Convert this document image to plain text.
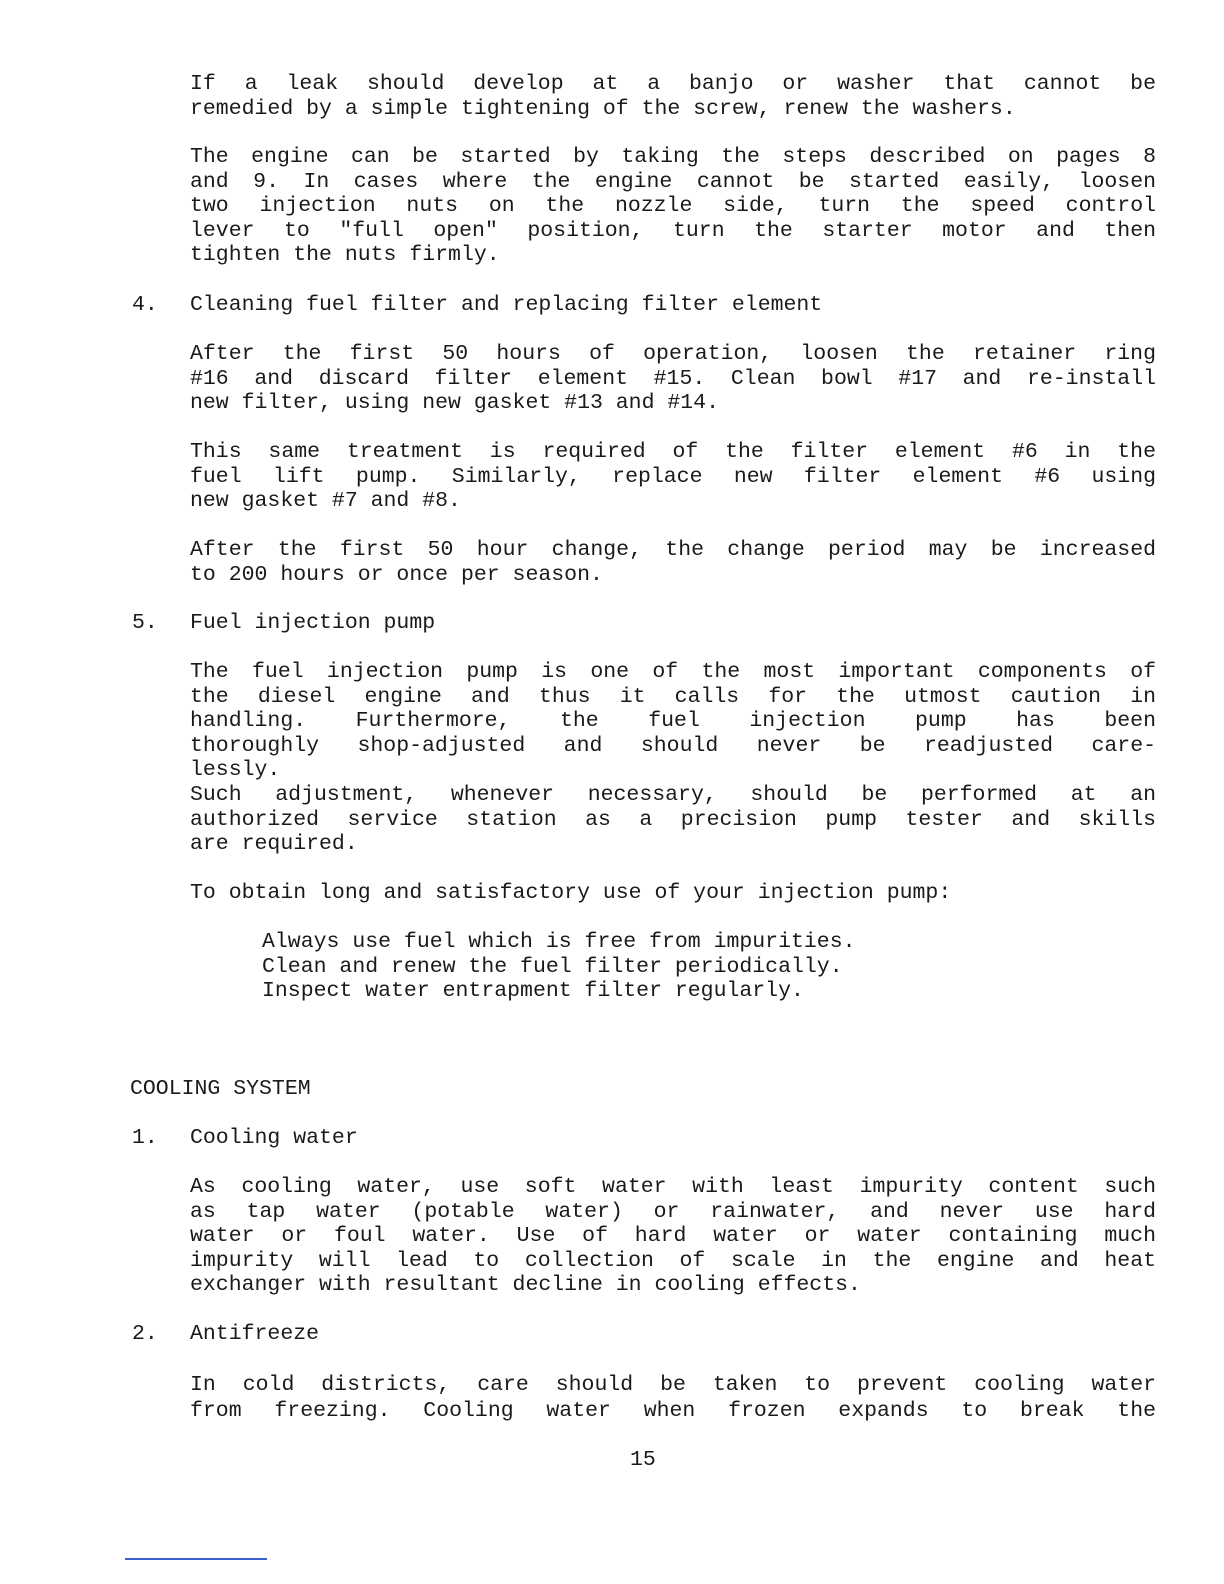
If a leak should develop at a banjo or washer that cannot be
remedied by a simple tightening of the screw, renew the washers.
The engine can be started by taking the steps described on pages 8
and 9. In cases where the engine cannot be started easily, loosen
two injection nuts on the nozzle side, turn the speed control
lever to "full open" position, turn the starter motor and then
tighten the nuts firmly.
4. Cleaning fuel filter and replacing filter element
After the first 50 hours of operation, loosen the retainer ring
#16 and discard filter element #15. Clean bowl #17 and re-install
new filter, using new gasket #13 and #14.
This same treatment is required of the filter element #6 in the
fuel lift pump. Similarly, replace new filter element #6 using
new gasket #7 and #8.
After the first 50 hour change, the change period may be increased
to 200 hours or once per season.
5. Fuel injection pump
The fuel injection pump is one of the most important components of
the diesel engine and thus it calls for the utmost caution in
handling. Furthermore, the fuel injection pump has been
thoroughly shop-adjusted and should never be readjusted care-
lessly.
Such adjustment, whenever necessary, should be performed at an
authorized service station as a precision pump tester and skills
are required.
To obtain long and satisfactory use of your injection pump:
Always use fuel which is free from impurities.
Clean and renew the fuel filter periodically.
Inspect water entrapment filter regularly.
COOLING SYSTEM
1. Cooling water
As cooling water, use soft water with least impurity content such
as tap water (potable water) or rainwater, and never use hard
water or foul water. Use of hard water or water containing much
impurity will lead to collection of scale in the engine and heat
exchanger with resultant decline in cooling effects.
2. Antifreeze
In cold districts, care should be taken to prevent cooling water
from freezing. Cooling water when frozen expands to break the
15
